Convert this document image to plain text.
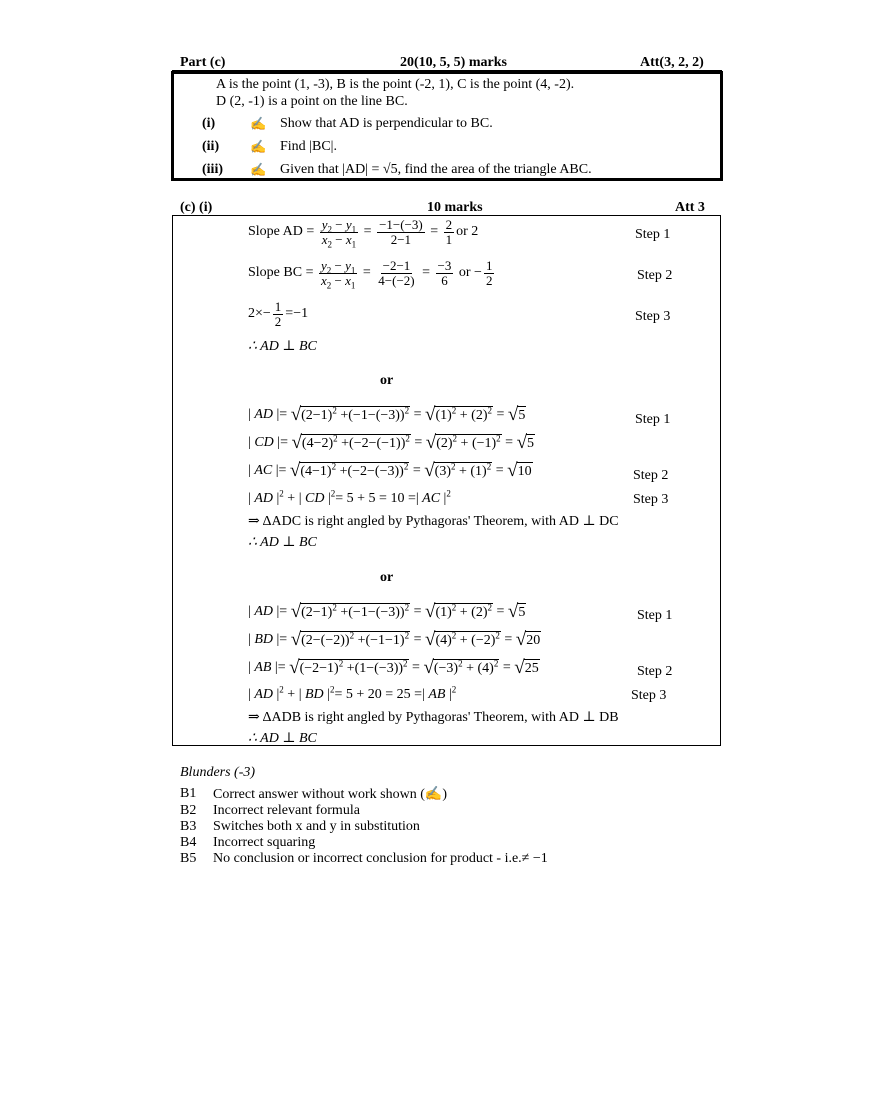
Part (c)	20(10, 5, 5) marks	Att(3, 2, 2)
A is the point (1, -3), B is the point (-2, 1), C is the point (4, -2).
D (2, -1) is a point on the line BC.
(i)	✍ Show that AD is perpendicular to BC.
(ii) ✍ Find |BC|.
(iii) ✍ Given that |AD| = √5, find the area of the triangle ABC.
(c) (i)	10 marks	Att 3
Slope AD = $\frac{y_2 - y_1}{x_2 - x_1} = \frac{-1-(-3)}{2-1} = \frac{2}{1}$ or 2	Step 1
Slope BC = $\frac{y_2 - y_1}{x_2 - x_1} = \frac{-2-1}{4-(-2)} = \frac{-3}{6}$ or − $\frac{1}{2}$	Step 2
$2\times- \frac{1}{2} =-1$	Step 3
∴ AD ⊥ BC
or
| AD |= √ $(2-1)^2 +(-1-(-3))^2$ = √ $(1)^2 + (2)^2$ = √ 5	Step 1
| CD |= √ $(4-2)^2 +(-2-(-1))^2$ = √ $(2)^2 + (-1)^2$ = √ 5
| AC |= √ $(4-1)^2 +(-2-(-3))^2$ = √ $(3)^2 + (1)^2$ = √ 10	Step 2
| AD $|^2$ + | CD $|^2= 5 + 5 = 10$ =| AC $|^2$	Step 3
⇒ ΔADC is right angled by Pythagoras' Theorem, with AD ⊥ DC
∴ AD ⊥ BC
or
| AD |= √ $(2-1)^2 +(-1-(-3))^2$ = √ $(1)^2 + (2)^2$ = √ 5	Step 1
| BD |= √ $(2-(-2))^2 +(-1-1)^2$ = √ $(4)^2 + (-2)^2$ = √ 20
| AB |= √ $(-2-1)^2 +(1-(-3))^2$ = √ $(-3)^2 + (4)^2$ = √ 25	Step 2
| AD $|^2$ + | BD $|^2= 5 + 20 = 25$ =| AB $|^2$	Step 3
⇒ ΔADB is right angled by Pythagoras' Theorem, with AD ⊥ DB
∴ AD ⊥ BC
Blunders (-3)
B1 Correct answer without work shown (✍)
B2 Incorrect relevant formula
B3 Switches both x and y in substitution
B4 Incorrect squaring
B5 No conclusion or incorrect conclusion for product - i.e.≠ −1
